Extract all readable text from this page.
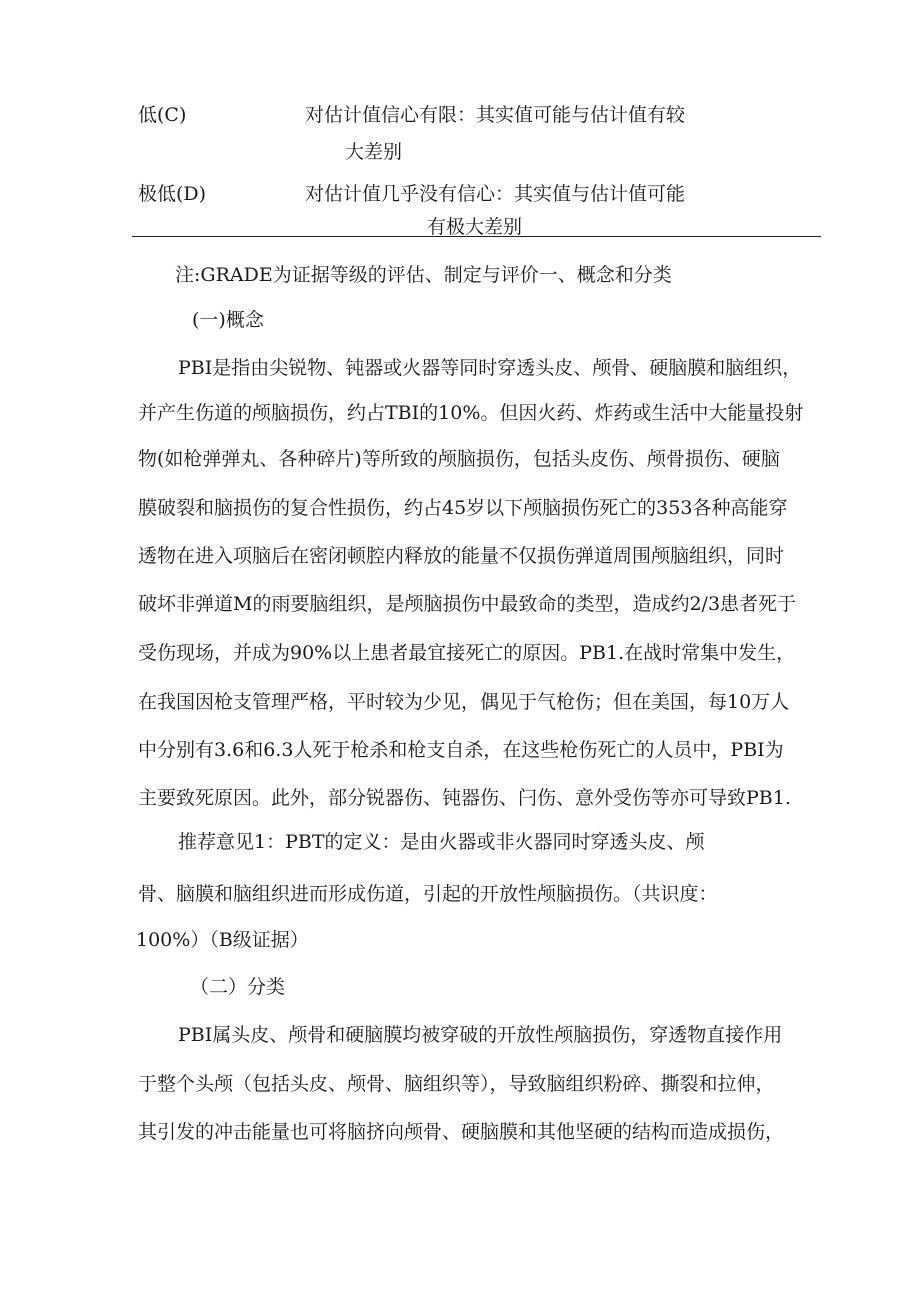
低(C)	对估计值信心有限：其实值可能与估计值有较
大差别
极低(D)	对估计值几乎没有信心：其实值与估计值可能
有极大差别
注:GRADE为证据等级的评估、制定与评价一、概念和分类
(一)概念
PBI是指由尖锐物、钝器或火器等同时穿透头皮、颅骨、硬脑膜和脑组织，
并产生伤道的颅脑损伤，约占TBI的10%。但因火药、炸药或生活中大能量投射
物(如枪弹弹丸、各种碎片)等所致的颅脑损伤，包括头皮伤、颅骨损伤、硬脑
膜破裂和脑损伤的复合性损伤，约占45岁以下颅脑损伤死亡的353各种高能穿
透物在进入项脑后在密闭顿腔内释放的能量不仅损伤弹道周围颅脑组织，同时
破坏非弹道M的雨要脑组织，是颅脑损伤中最致命的类型，造成约2/3患者死于
受伤现场，并成为90%以上患者最宜接死亡的原因。PB1.在战时常集中发生，
在我国因枪支管理严格，平时较为少见，偶见于气枪伤；但在美国，每10万人
中分别有3.6和6.3人死于枪杀和枪支自杀，在这些枪伤死亡的人员中，PBI为
主要致死原因。此外，部分锐器伤、钝器伤、闩伤、意外受伤等亦可导致PB1.
推荐意见1：PBT的定义：是由火器或非火器同时穿透头皮、颅
骨、脑膜和脑组织进而形成伤道，引起的开放性颅脑损伤。（共识度：
100%）（B级证据）
（二）分类
PBI属头皮、颅骨和硬脑膜均被穿破的开放性颅脑损伤，穿透物直接作用
于整个头颅（包括头皮、颅骨、脑组织等），导致脑组织粉碎、撕裂和拉伸，
其引发的冲击能量也可将脑挤向颅骨、硬脑膜和其他坚硬的结构而造成损伤，
